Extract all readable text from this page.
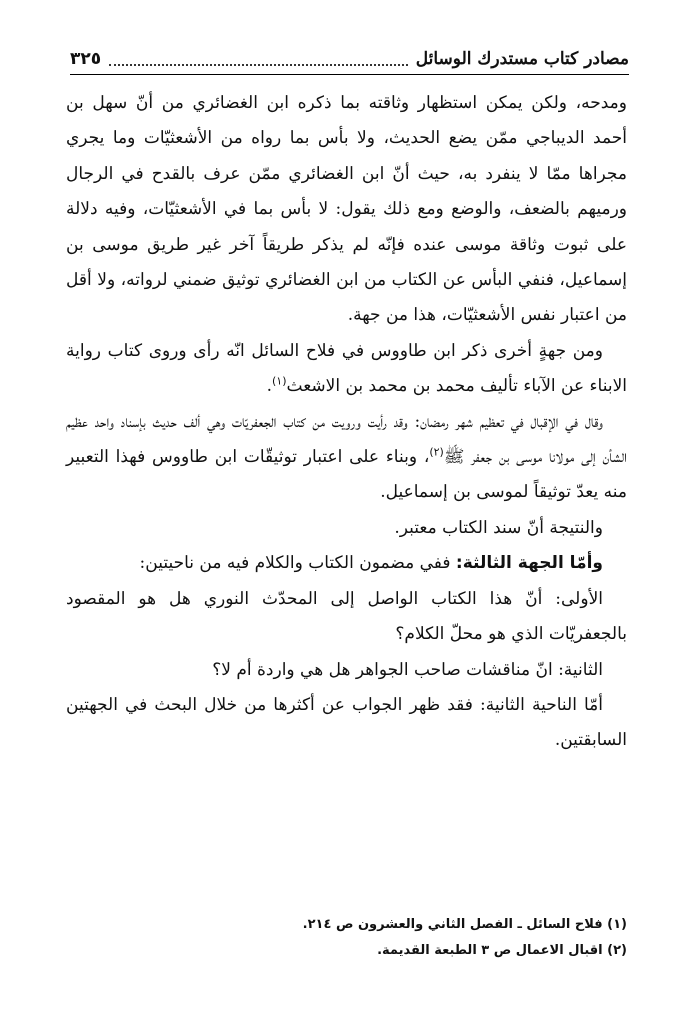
مصادر كتاب مستدرك الوسائل
٣٢٥

ومدحه، ولكن يمكن استظهار وثاقته بما ذكره ابن الغضائري من أنّ سهل بن أحمد الديباجي ممّن يضع الحديث، ولا بأس بما رواه من الأشعثيّات وما يجري مجراها ممّا لا ينفرد به، حيث أنّ ابن الغضائري ممّن عرف بالقدح في الرجال ورميهم بالضعف، والوضع ومع ذلك يقول: لا بأس بما في الأشعثيّات، وفيه دلالة على ثبوت وثاقة موسى عنده فإنّه لم يذكر طريقاً آخر غير طريق موسى بن إسماعيل، فنفي البأس عن الكتاب من ابن الغضائري توثيق ضمني لرواته، ولا أقل من اعتبار نفس الأشعثيّات، هذا من جهة.

ومن جهةٍ أخرى ذكر ابن طاووس في فلاح السائل انّه رأى وروى كتاب رواية الابناء عن الآباء تأليف محمد بن محمد بن الاشعث$^{(١)}$.

وقال في الإقبال في تعظيم شهر رمضان: وقد رأيت ورويت من كتاب الجعفريّات وهي ألف حديث بإسناد واحد عظيم الشأن إلى مولانا موسى بن جعفر ﷺ$^{(٢)}$، وبناء على اعتبار توثيقّات ابن طاووس فهذا التعبير منه يعدّ توثيقاً لموسى بن إسماعيل.

والنتيجة أنّ سند الكتاب معتبر.

وأمّا الجهة الثالثة: ففي مضمون الكتاب والكلام فيه من ناحيتين:

الأولى: أنّ هذا الكتاب الواصل إلى المحدّث النوري هل هو المقصود بالجعفريّات الذي هو محلّ الكلام؟

الثانية: انّ مناقشات صاحب الجواهر هل هي واردة أم لا؟

أمّا الناحية الثانية: فقد ظهر الجواب عن أكثرها من خلال البحث في الجهتين السابقتين.

(١) فلاح السائل ـ الفصل الثاني والعشرون ص ٢١٤.

(٢) اقبال الاعمال ص ٣ الطبعة القديمة.
